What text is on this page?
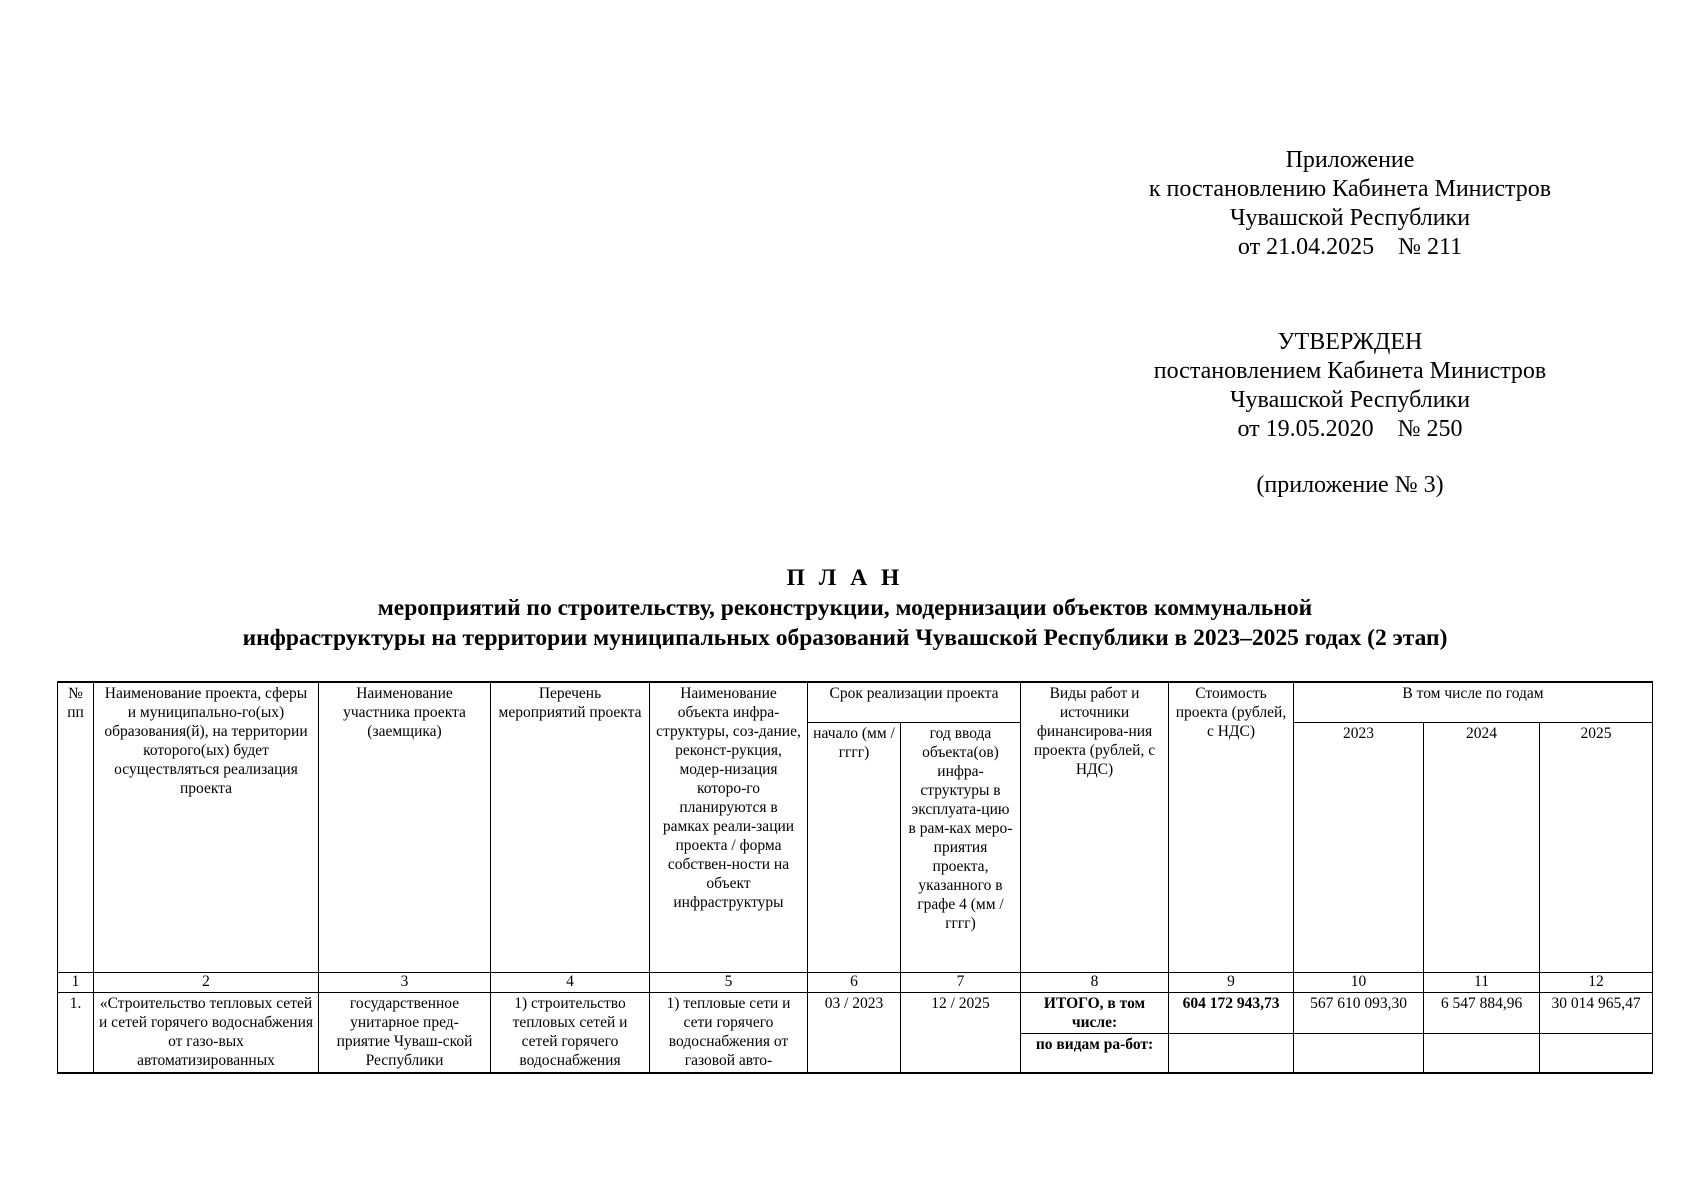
Приложение
к постановлению Кабинета Министров
Чувашской Республики
от 21.04.2025    № 211
УТВЕРЖДЕН
постановлением Кабинета Министров
Чувашской Республики
от 19.05.2020    № 250
(приложение № 3)
П Л А Н
мероприятий по строительству, реконструкции, модернизации объектов коммунальной
инфраструктуры на территории муниципальных образований Чувашской Республики в 2023–2025 годах (2 этап)
№ пп	Наименование проекта, сферы и муниципально-го(ых) образования(й), на территории которого(ых) будет осуществляться реализация проекта	Наименование участника проекта (заемщика)	Перечень мероприятий проекта	Наименование объекта инфра-структуры, соз-дание, реконст-рукция, модер-низация которо-го планируются в рамках реали-зации проекта / форма собствен-ности на объект инфраструктуры	Срок реализации проекта		Виды работ и источники финансирова-ния проекта (рублей, с НДС)	Стоимость проекта (рублей, с НДС)	В том числе по годам		
					начало (мм / гггг)	год ввода объекта(ов) инфра-структуры в эксплуата-цию в рам-ках меро-приятия проекта, указанного в графе 4 (мм / гггг)			2023	2024	2025
1	2	3	4	5	6	7	8	9	10	11	12
1.	«Строительство тепловых сетей и сетей горячего водоснабжения от газо-вых автоматизированных	государственное унитарное пред-приятие Чуваш-ской Республики	1) строительство тепловых сетей и сетей горячего водоснабжения	1) тепловые сети и сети горячего водоснабжения от газовой авто-	03 / 2023	12 / 2025	ИТОГО, в том числе:	604 172 943,73	567 610 093,30	6 547 884,96	30 014 965,47
							по видам ра-бот:				
